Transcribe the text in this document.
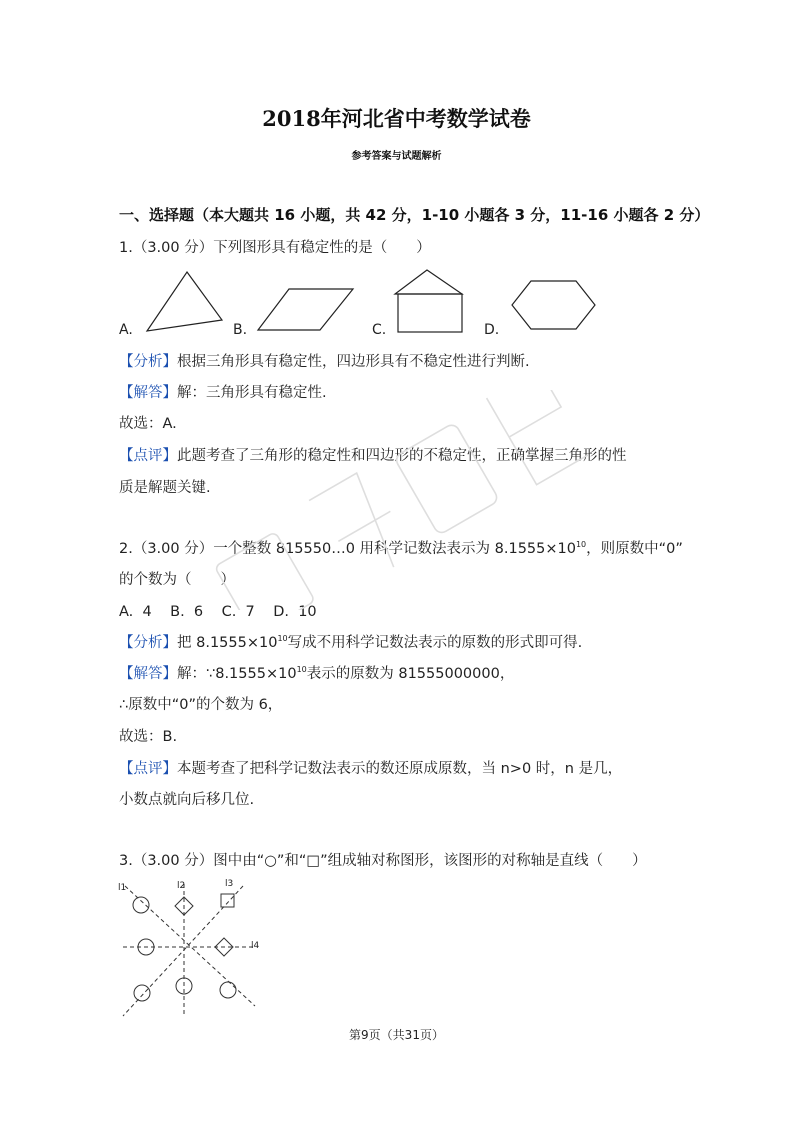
2018年河北省中考数学试卷
参考答案与试题解析
一、选择题（本大题共 16 小题，共 42 分，1-10 小题各 3 分，11-16 小题各 2 分）
1.（3.00 分）下列图形具有稳定性的是（　　）
A.	B.	C.	D.
【分析】根据三角形具有稳定性，四边形具有不稳定性进行判断.
【解答】解：三角形具有稳定性.
故选：A.
【点评】此题考查了三角形的稳定性和四边形的不稳定性，正确掌握三角形的性
质是解题关键.
2.（3.00 分）一个整数 815550…0 用科学记数法表示为 $8.1555\times 10^{10}$，则原数中“0”
的个数为（　　）
A.  4    B.  6    C.  7    D.  10
【分析】把 $8.1555\times 10^{10}$写成不用科学记数法表示的原数的形式即可得.
【解答】解：$\because 8.1555\times 10^{10}$表示的原数为 81555000000，
∴原数中“0”的个数为 6，
故选：B.
【点评】本题考查了把科学记数法表示的数还原成原数，当 n>0 时，n 是几，
小数点就向后移几位.
3.（3.00 分）图中由“○”和“□”组成轴对称图形，该图形的对称轴是直线（　　）
l1	l2	l3
l4
第9页（共31页）
